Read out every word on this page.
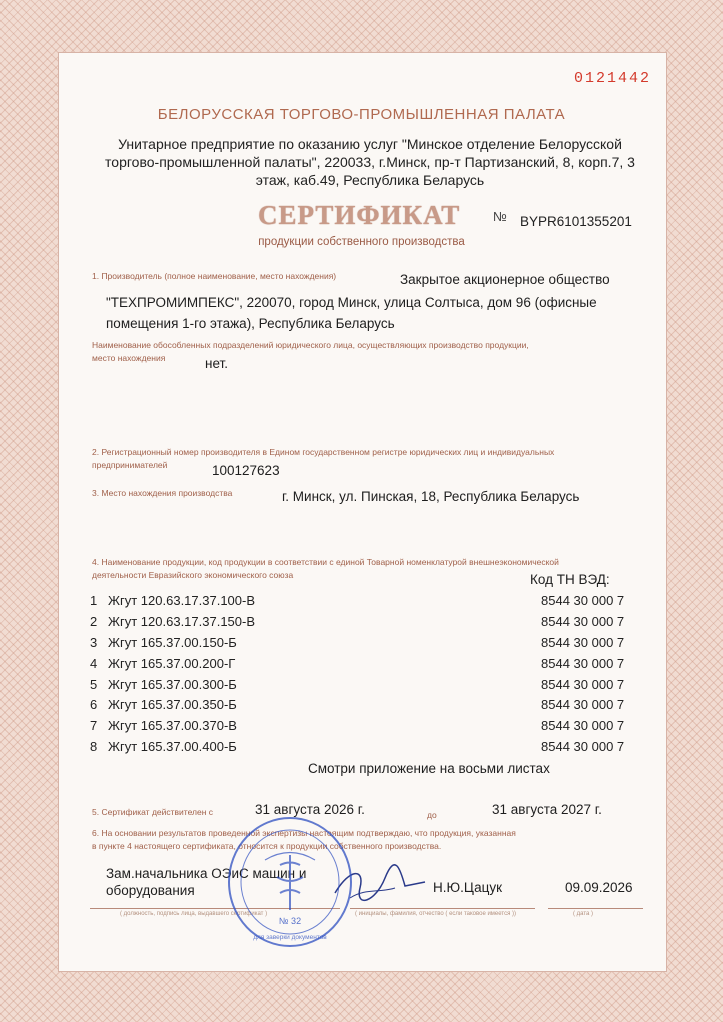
0121442
БЕЛОРУССКАЯ ТОРГОВО-ПРОМЫШЛЕННАЯ ПАЛАТА
Унитарное предприятие по оказанию услуг "Минское отделение Белорусской торгово-промышленной палаты", 220033, г.Минск, пр-т Партизанский, 8, корп.7, 3 этаж, каб.49, Республика Беларусь
СЕРТИФИКАТ	№ BYPR6101355201
продукции собственного производства
1. Производитель (полное наименование, место нахождения)	Закрытое акционерное общество
"ТЕХПРОМИМПЕКС", 220070, город Минск, улица Солтыса, дом 96 (офисные
помещения 1-го этажа), Республика Беларусь
Наименование обособленных подразделений юридического лица, осуществляющих производство продукции,
место нахождения	нет.
2. Регистрационный номер производителя в Едином государственном регистре юридических лиц и индивидуальных
предпринимателей	100127623
3. Место нахождения производства	г. Минск, ул. Пинская, 18, Республика Беларусь
4. Наименование продукции, код продукции в соответствии с единой Товарной номенклатурой внешнеэкономической
деятельности Евразийского экономического союза	Код ТН ВЭД:
1 Жгут 120.63.17.37.100-В	8544 30 000 7
2 Жгут 120.63.17.37.150-В	8544 30 000 7
3 Жгут 165.37.00.150-Б	8544 30 000 7
4 Жгут 165.37.00.200-Г	8544 30 000 7
5 Жгут 165.37.00.300-Б	8544 30 000 7
6 Жгут 165.37.00.350-Б	8544 30 000 7
7 Жгут 165.37.00.370-В	8544 30 000 7
8 Жгут 165.37.00.400-Б	8544 30 000 7
Смотри приложение на восьми листах
5. Сертификат действителен с	31 августа 2026 г.	до	31 августа 2027 г.
6. На основании результатов проведенной экспертизы настоящим подтверждаю, что продукция, указанная
в пункте 4 настоящего сертификата, относится к продукции собственного производства.
Зам.начальника ОЭиС машин и
оборудования	Н.Ю.Цацук	09.09.2026
( должность, подпись лица, выдавшего сертификат )	( инициалы, фамилия, отчество ( если таковое имеется ))	( дата )
№ 32
для заверки документов
